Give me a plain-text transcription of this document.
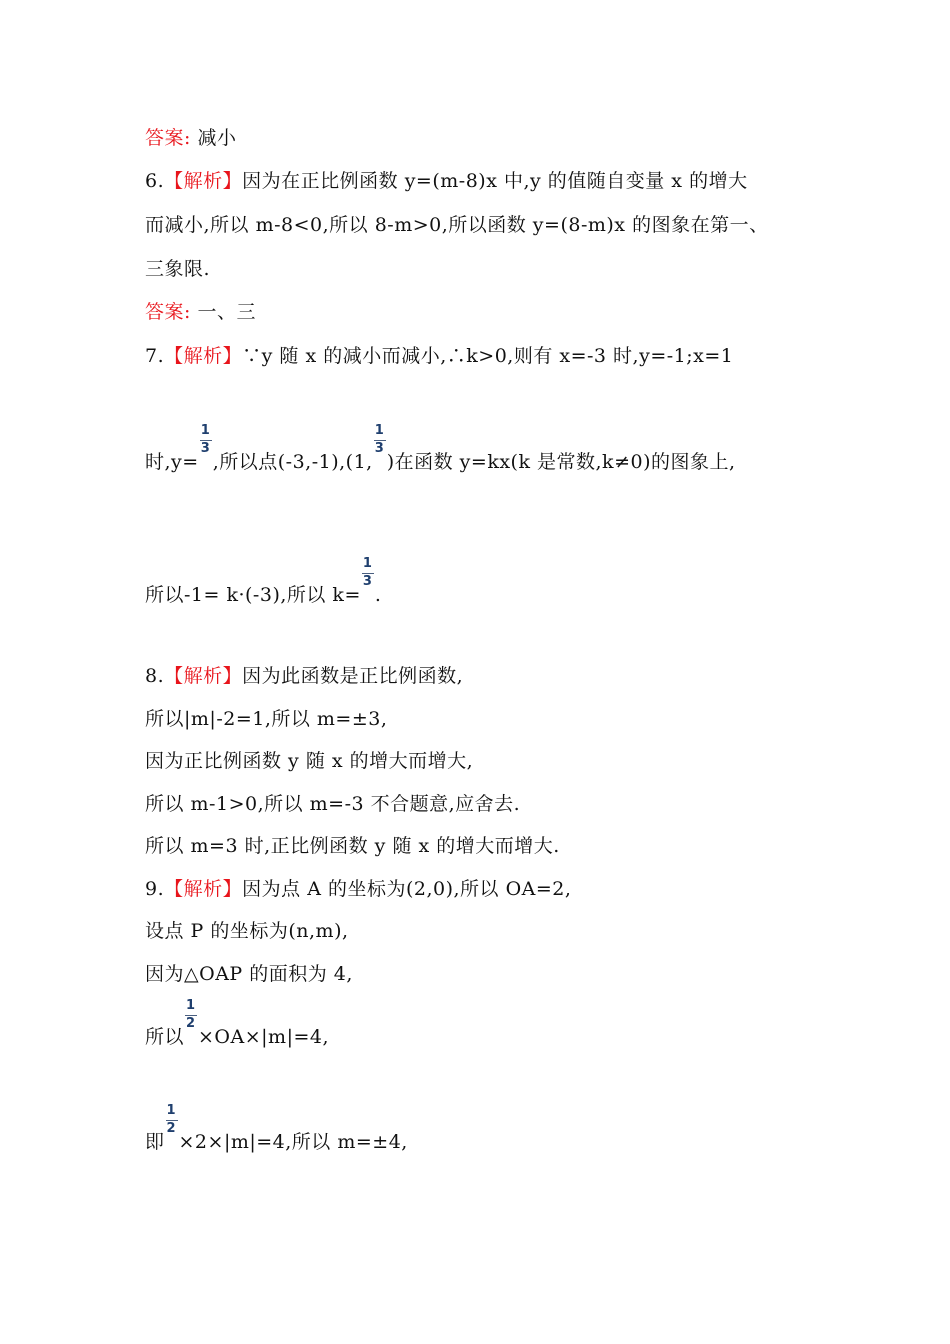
答案: 减小
6.【解析】因为在正比例函数 y=(m-8)x 中,y 的值随自变量 x 的增大
而减小,所以 m-8<0,所以 8-m>0,所以函数 y=(8-m)x 的图象在第一、
三象限.
答案: 一、三
7.【解析】∵y 随 x 的减小而减小,∴k>0,则有 x=-3 时,y=-1;x=1
时$,y= \frac{1}{3}$ ,所以点(-3,-1),(1, $\frac{1}{3}$ )在函数 y=kx(k 是常数,k≠0)的图象上,
所以-1= k·(-3),所以 $k= \frac{1}{3}$ .
8.【解析】因为此函数是正比例函数,
所以|m|-2=1,所以 m=±3,
因为正比例函数 y 随 x 的增大而增大,
所以 m-1>0,所以 m=-3 不合题意,应舍去.
所以 m=3 时,正比例函数 y 随 x 的增大而增大.
9.【解析】因为点 A 的坐标为(2,0),所以 OA=2,
设点 P 的坐标为(n,m),
因为△OAP 的面积为 4,
所以 $\frac{1}{2} \times OA\times|m|=4$,
即 $\frac{1}{2} \times 2\times|m|=4$,所以 m=±4,
